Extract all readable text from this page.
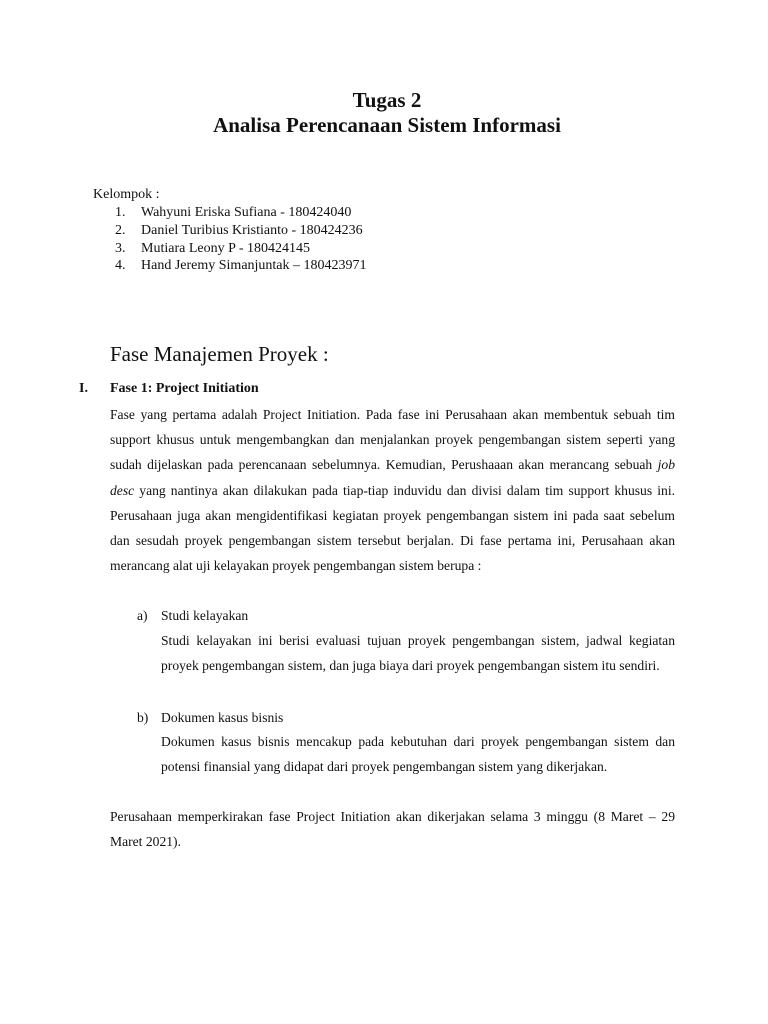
Tugas 2
Analisa Perencanaan Sistem Informasi
Kelompok :
1. Wahyuni Eriska Sufiana - 180424040
2. Daniel Turibius Kristianto - 180424236
3. Mutiara Leony P - 180424145
4. Hand Jeremy Simanjuntak – 180423971
Fase Manajemen Proyek :
I. Fase 1: Project Initiation

Fase yang pertama adalah Project Initiation. Pada fase ini Perusahaan akan membentuk sebuah tim support khusus untuk mengembangkan dan menjalankan proyek pengembangan sistem seperti yang sudah dijelaskan pada perencanaan sebelumnya. Kemudian, Perushaaan akan merancang sebuah job desc yang nantinya akan dilakukan pada tiap-tiap induvidu dan divisi dalam tim support khusus ini. Perusahaan juga akan mengidentifikasi kegiatan proyek pengembangan sistem ini pada saat sebelum dan sesudah proyek pengembangan sistem tersebut berjalan. Di fase pertama ini, Perusahaan akan merancang alat uji kelayakan proyek pengembangan sistem berupa :

a) Studi kelayakan

Studi kelayakan ini berisi evaluasi tujuan proyek pengembangan sistem, jadwal kegiatan proyek pengembangan sistem, dan juga biaya dari proyek pengembangan sistem itu sendiri.

b) Dokumen kasus bisnis

Dokumen kasus bisnis mencakup pada kebutuhan dari proyek pengembangan sistem dan potensi finansial yang didapat dari proyek pengembangan sistem yang dikerjakan.

Perusahaan memperkirakan fase Project Initiation akan dikerjakan selama 3 minggu (8 Maret – 29 Maret 2021).
